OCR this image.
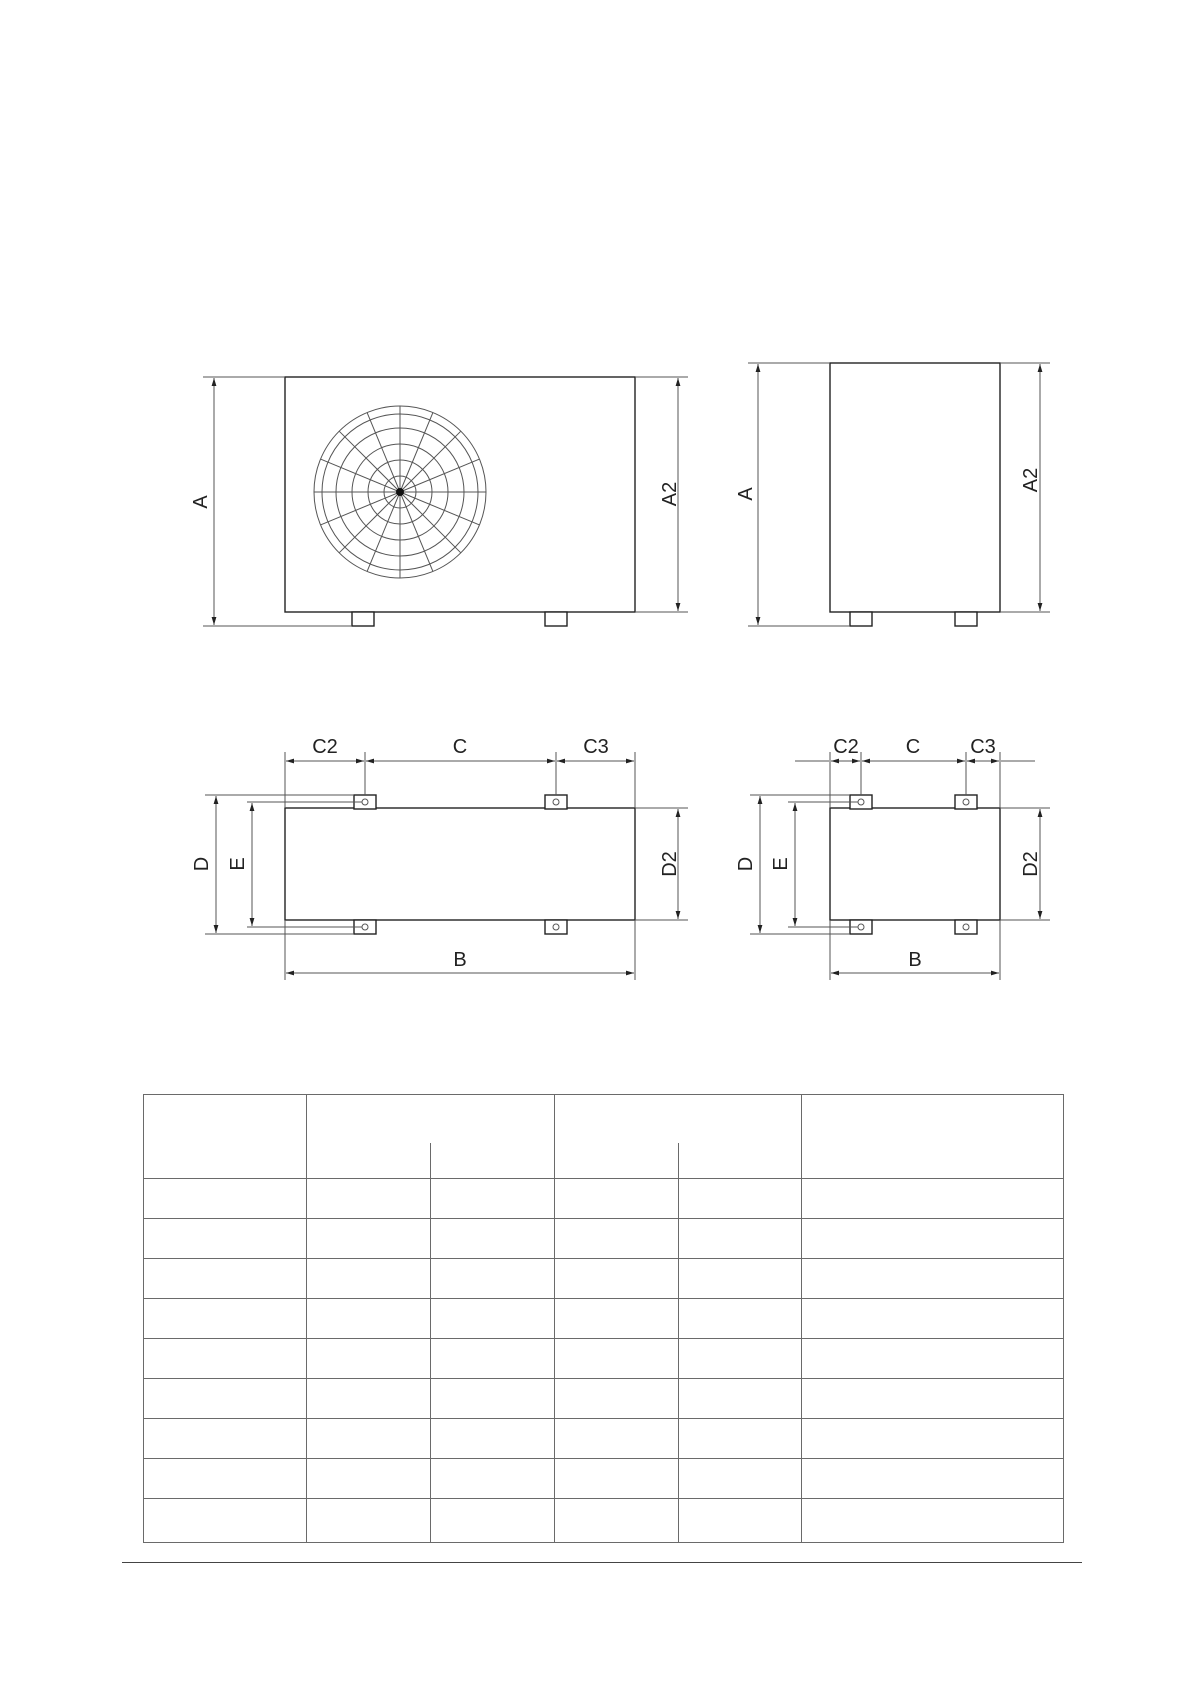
A	A2	A
A2
C2	C	C3
D E	D2
B
C2 C C3
D E	D2
B
